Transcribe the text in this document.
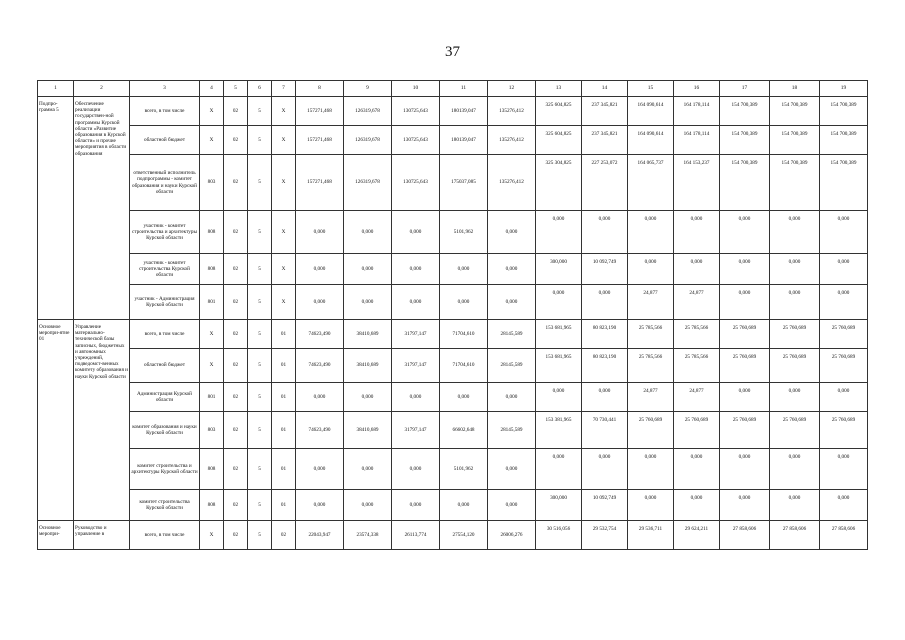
37
1	2	3	4	5	6	7	8	9	10	11	12	13	14	15	16	17	18	19
Подпро-грамма 5	Обеспечение реализации государствен-ной программы Курской области «Развитие образования в Курской области» и прочие мероприятия в области образования	всего, в том числе	Х	02	5	Х	157271,468	126319,678	130725,643	180139,047	135276,412	325 604,825	237 345,821	164 090,614	164 178,114	154 700,389	154 700,389	154 700,389
		областной бюджет	Х	02	5	Х	157271,468	126319,678	130725,643	180139,047	135276,412	325 604,825	237 345,821	164 090,614	164 178,114	154 700,389	154 700,389	154 700,389
		ответственный исполнитель подпрограммы - комитет образования и науки Курской области	803	02	5	Х	157271,468	126319,678	130725,643	175037,085	135276,412	325 304,825	227 253,072	164 065,737	164 153,237	154 700,389	154 700,389	154 700,389
		участник - комитет строительства и архитектуры Курской области	808	02	5	Х	0,000	0,000	0,000	5101,962	0,000	0,000	0,000	0,000	0,000	0,000	0,000	0,000
		участник - комитет строительства Курской области	808	02	5	Х	0,000	0,000	0,000	0,000	0,000	300,000	10 092,749	0,000	0,000	0,000	0,000	0,000
		участник - Администрация Курской области	801	02	5	Х	0,000	0,000	0,000	0,000	0,000	0,000	0,000	24,877	24,877	0,000	0,000	0,000
Основное меропри-ятие 01	Управление материально-технической базы записных, бюджетных и автономных учреждений, подведомст-венных комитету образования и науки Курской области	всего, в том числе	Х	02	5	01	74623,490	38410,689	31797,147	71704,610	28145,589	153 681,965	80 823,190	25 785,566	25 785,566	25 760,689	25 760,689	25 760,689
		областной бюджет	Х	02	5	01	74623,490	38410,689	31797,147	71704,610	28145,589	153 681,965	80 823,190	25 785,566	25 785,566	25 760,689	25 760,689	25 760,689
		Администрация Курской области	801	02	5	01	0,000	0,000	0,000	0,000	0,000	0,000	0,000	24,877	24,877	0,000	0,000	0,000
		комитет образования и науки Курской области	803	02	5	01	74623,490	38410,689	31797,147	66602,648	28145,589	153 381,965	70 730,441	25 760,689	25 760,689	25 760,689	25 760,689	25 760,689
		комитет строительства и архитектуры Курской области	808	02	5	01	0,000	0,000	0,000	5101,962	0,000	0,000	0,000	0,000	0,000	0,000	0,000	0,000
		комитет строительства Курской области	808	02	5	01	0,000	0,000	0,000	0,000	0,000	300,000	10 092,749	0,000	0,000	0,000	0,000	0,000
Основное меропри-	Руководство и управление в	всего, в том числе	Х	02	5	02	22043,947	23574,338	26113,774	27554,120	26006,276	30 516,056	29 532,754	29 536,711	29 624,211	27 858,606	27 858,606	27 858,606
